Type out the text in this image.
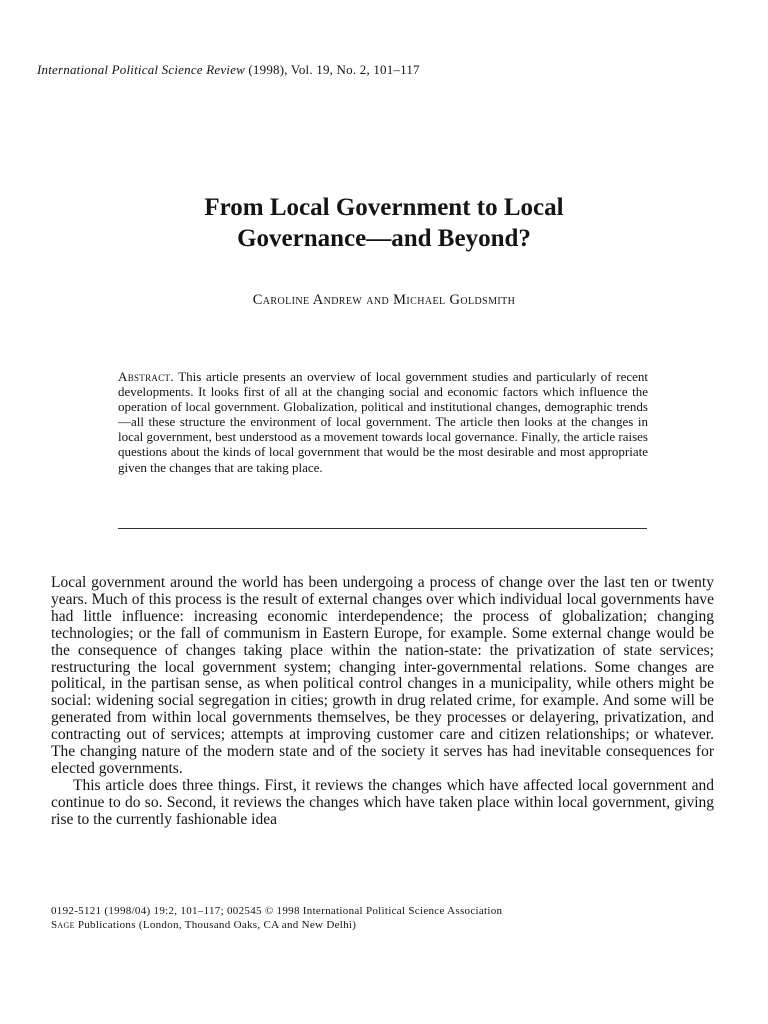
International Political Science Review (1998), Vol. 19, No. 2, 101–117
From Local Government to Local
Governance—and Beyond?
Caroline Andrew and Michael Goldsmith
Abstract. This article presents an overview of local government studies and particularly of recent developments. It looks first of all at the changing social and economic factors which influence the operation of local government. Globalization, political and institutional changes, demographic trends—all these structure the environment of local government. The article then looks at the changes in local government, best understood as a movement towards local governance. Finally, the article raises questions about the kinds of local government that would be the most desirable and most appropriate given the changes that are taking place.

Local government around the world has been undergoing a process of change over the last ten or twenty years. Much of this process is the result of external changes over which individual local governments have had little influence: increasing economic interdependence; the process of globalization; changing technologies; or the fall of communism in Eastern Europe, for example. Some external change would be the consequence of changes taking place within the nation-state: the privatization of state services; restructuring the local government system; changing inter-governmental relations. Some changes are political, in the partisan sense, as when political control changes in a municipality, while others might be social: widening social segregation in cities; growth in drug related crime, for example. And some will be generated from within local governments themselves, be they processes or delayering, privatization, and contracting out of services; attempts at improving customer care and citizen relationships; or whatever. The changing nature of the modern state and of the society it serves has had inevitable consequences for elected governments.

This article does three things. First, it reviews the changes which have affected local government and continue to do so. Second, it reviews the changes which have taken place within local government, giving rise to the currently fashionable idea

0192-5121 (1998/04) 19:2, 101–117; 002545 © 1998 International Political Science Association
Sage Publications (London, Thousand Oaks, CA and New Delhi)
